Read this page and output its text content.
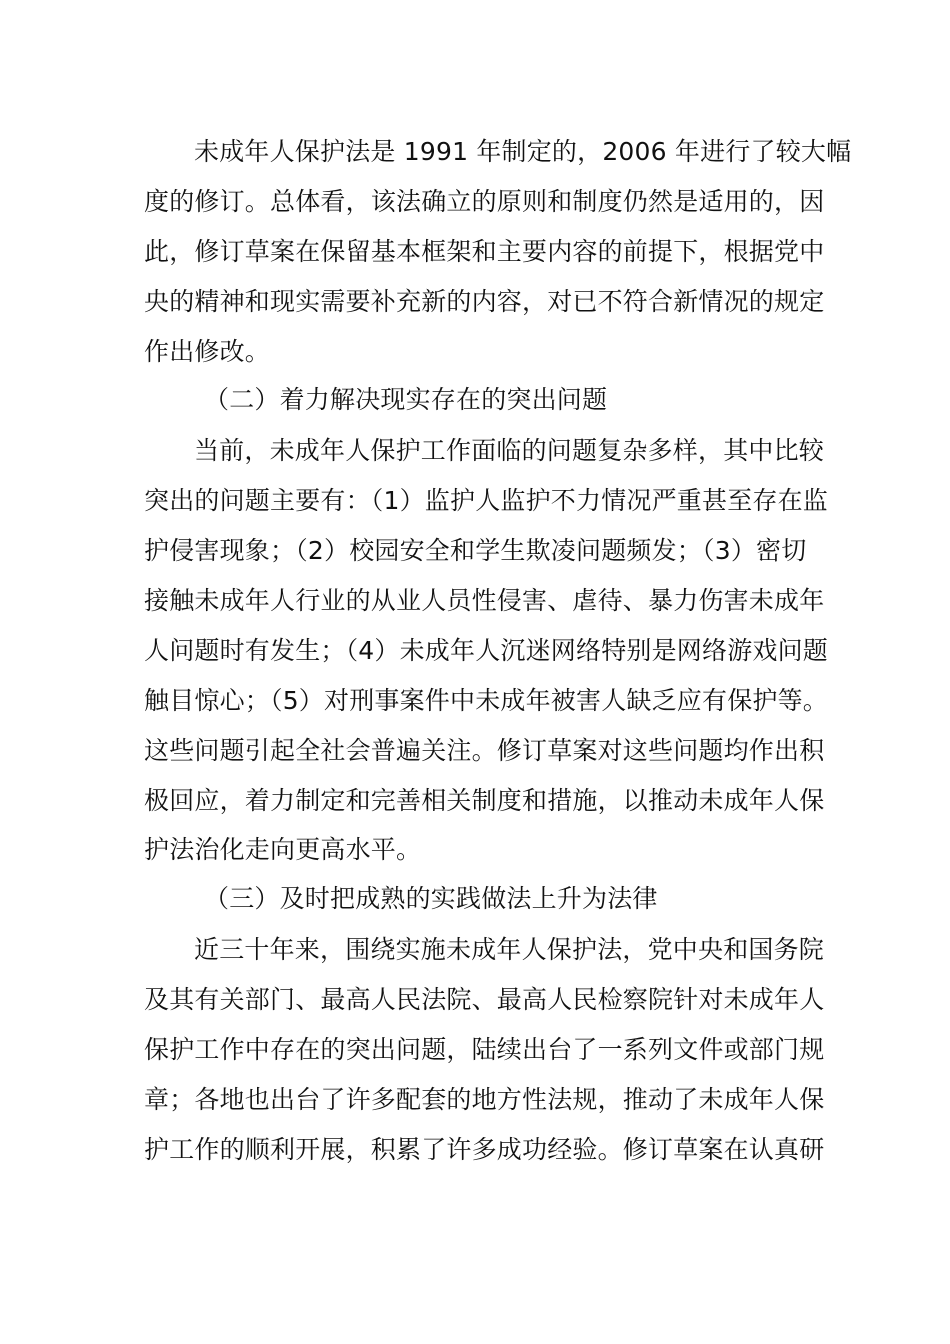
未成年人保护法是 1991 年制定的，2006 年进行了较大幅
度的修订。总体看，该法确立的原则和制度仍然是适用的，因
此，修订草案在保留基本框架和主要内容的前提下，根据党中
央的精神和现实需要补充新的内容，对已不符合新情况的规定
作出修改。
（二）着力解决现实存在的突出问题
当前，未成年人保护工作面临的问题复杂多样，其中比较
突出的问题主要有：（1）监护人监护不力情况严重甚至存在监
护侵害现象；（2）校园安全和学生欺凌问题频发；（3）密切
接触未成年人行业的从业人员性侵害、虐待、暴力伤害未成年
人问题时有发生；（4）未成年人沉迷网络特别是网络游戏问题
触目惊心；（5）对刑事案件中未成年被害人缺乏应有保护等。
这些问题引起全社会普遍关注。修订草案对这些问题均作出积
极回应，着力制定和完善相关制度和措施，以推动未成年人保
护法治化走向更高水平。
（三）及时把成熟的实践做法上升为法律
近三十年来，围绕实施未成年人保护法，党中央和国务院
及其有关部门、最高人民法院、最高人民检察院针对未成年人
保护工作中存在的突出问题，陆续出台了一系列文件或部门规
章；各地也出台了许多配套的地方性法规，推动了未成年人保
护工作的顺利开展，积累了许多成功经验。修订草案在认真研
